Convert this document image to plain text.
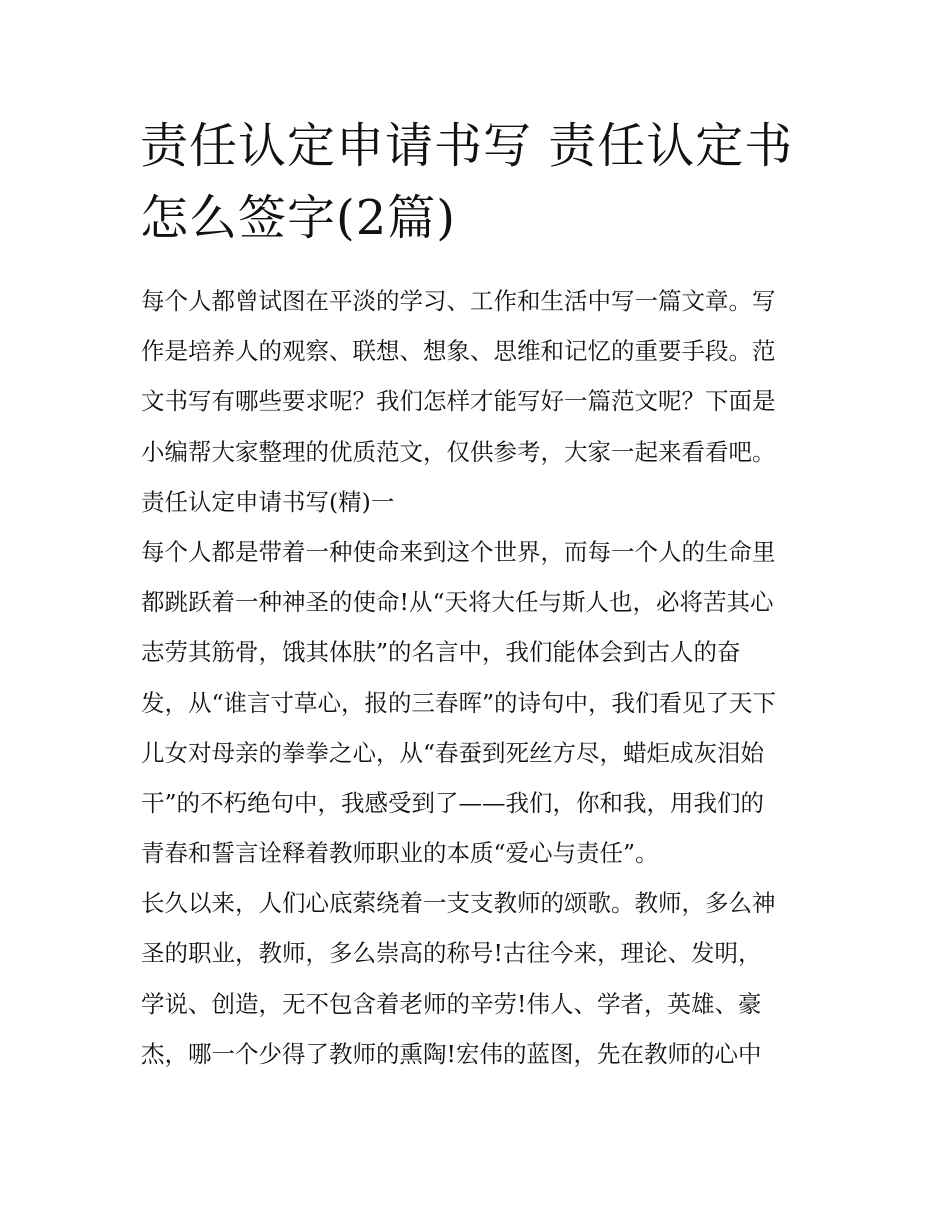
责任认定申请书写 责任认定书
怎么签字(2篇)
每个人都曾试图在平淡的学习、工作和生活中写一篇文章。写
作是培养人的观察、联想、想象、思维和记忆的重要手段。范
文书写有哪些要求呢？我们怎样才能写好一篇范文呢？下面是
小编帮大家整理的优质范文，仅供参考，大家一起来看看吧。
责任认定申请书写(精)一
每个人都是带着一种使命来到这个世界，而每一个人的生命里
都跳跃着一种神圣的使命!从“天将大任与斯人也，必将苦其心
志劳其筋骨，饿其体肤”的名言中，我们能体会到古人的奋
发，从“谁言寸草心，报的三春晖”的诗句中，我们看见了天下
儿女对母亲的拳拳之心，从“春蚕到死丝方尽，蜡炬成灰泪始
干”的不朽绝句中，我感受到了——我们，你和我，用我们的
青春和誓言诠释着教师职业的本质“爱心与责任”。
长久以来，人们心底萦绕着一支支教师的颂歌。教师，多么神
圣的职业，教师，多么崇高的称号!古往今来，理论、发明，
学说、创造，无不包含着老师的辛劳!伟人、学者，英雄、豪
杰，哪一个少得了教师的熏陶!宏伟的蓝图，先在教师的心中
